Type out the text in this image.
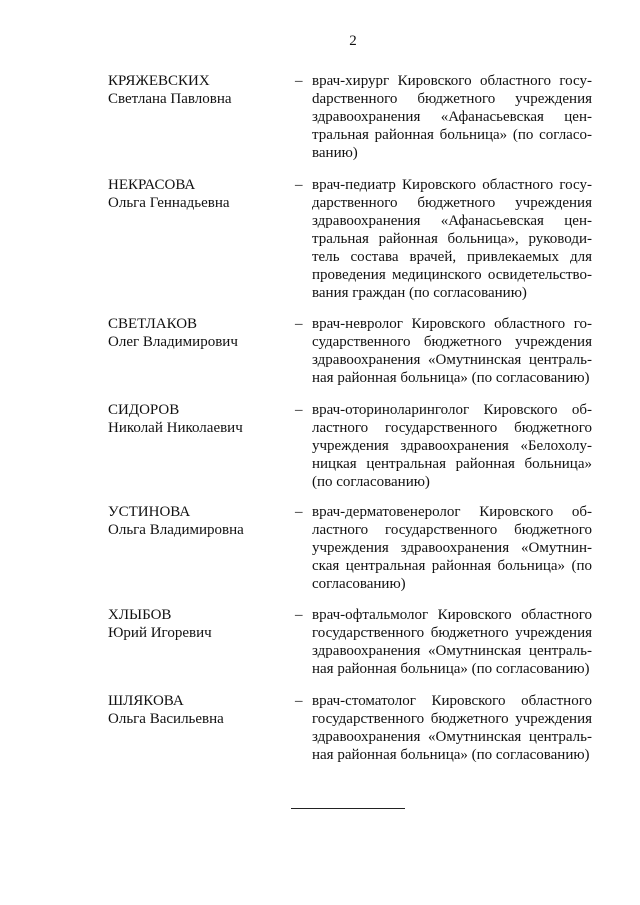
2
КРЯЖЕВСКИХ
Светлана Павловна
– врач-хирург Кировского областного госуdарственного бюджетного учреждения здравоохранения «Афанасьевская центральная районная больница» (по согласованию)
НЕКРАСОВА
Ольга Геннадьевна
– врач-педиатр Кировского областного государственного бюджетного учреждения здравоохранения «Афанасьевская центральная районная больница», руководитель состава врачей, привлекаемых для проведения медицинского освидетельствования граждан (по согласованию)
СВЕТЛАКОВ
Олег Владимирович
– врач-невролог Кировского областного государственного бюджетного учреждения здравоохранения «Омутнинская центральная районная больница» (по согласованию)
СИДОРОВ
Николай Николаевич
– врач-оториноларинголог Кировского областного государственного бюджетного учреждения здравоохранения «Белохолуницкая центральная районная больница» (по согласованию)
УСТИНОВА
Ольга Владимировна
– врач-дерматовенеролог Кировского областного государственного бюджетного учреждения здравоохранения «Омутнинская центральная районная больница» (по согласованию)
ХЛЫБОВ
Юрий Игоревич
– врач-офтальмолог Кировского областного государственного бюджетного учреждения здравоохранения «Омутнинская центральная районная больница» (по согласованию)
ШЛЯКОВА
Ольга Васильевна
– врач-стоматолог Кировского областного государственного бюджетного учреждения здравоохранения «Омутнинская центральная районная больница» (по согласованию)
